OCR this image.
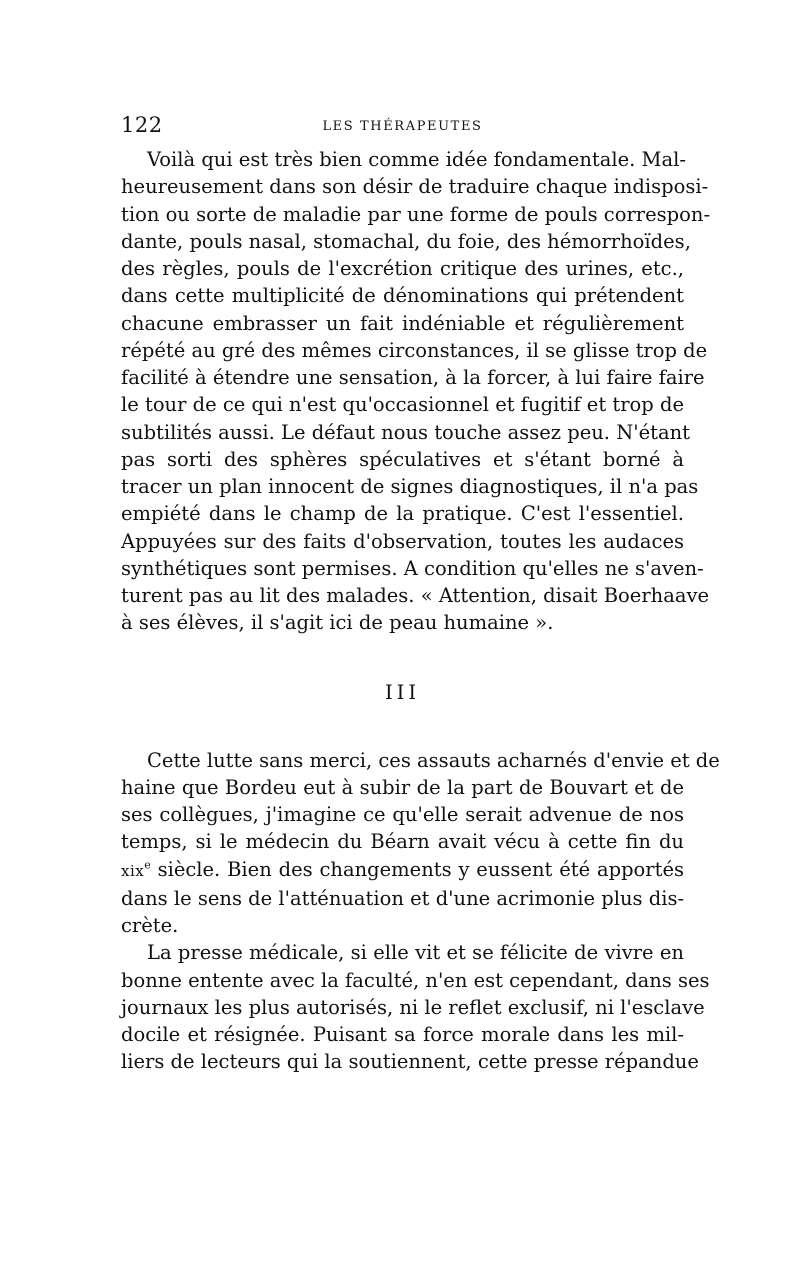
122	LES THÉRAPEUTES

Voilà qui est très bien comme idée fondamentale. Mal-
heureusement dans son désir de traduire chaque indisposi-
tion ou sorte de maladie par une forme de pouls correspon-
dante, pouls nasal, stomachal, du foie, des hémorrhoïdes,
des règles, pouls de l'excrétion critique des urines, etc.,
dans cette multiplicité de dénominations qui prétendent
chacune embrasser un fait indéniable et régulièrement
répété au gré des mêmes circonstances, il se glisse trop de
facilité à étendre une sensation, à la forcer, à lui faire faire
le tour de ce qui n'est qu'occasionnel et fugitif et trop de
subtilités aussi. Le défaut nous touche assez peu. N'étant
pas sorti des sphères spéculatives et s'étant borné à
tracer un plan innocent de signes diagnostiques, il n'a pas
empiété dans le champ de la pratique. C'est l'essentiel.
Appuyées sur des faits d'observation, toutes les audaces
synthétiques sont permises. A condition qu'elles ne s'aven-
turent pas au lit des malades. « Attention, disait Boerhaave
à ses élèves, il s'agit ici de peau humaine ».

III

Cette lutte sans merci, ces assauts acharnés d'envie et de
haine que Bordeu eut à subir de la part de Bouvart et de
ses collègues, j'imagine ce qu'elle serait advenue de nos
temps, si le médecin du Béarn avait vécu à cette fin du
xix$^e$ siècle. Bien des changements y eussent été apportés
dans le sens de l'atténuation et d'une acrimonie plus dis-
crète.

La presse médicale, si elle vit et se félicite de vivre en
bonne entente avec la faculté, n'en est cependant, dans ses
journaux les plus autorisés, ni le reflet exclusif, ni l'esclave
docile et résignée. Puisant sa force morale dans les mil-
liers de lecteurs qui la soutiennent, cette presse répandue
